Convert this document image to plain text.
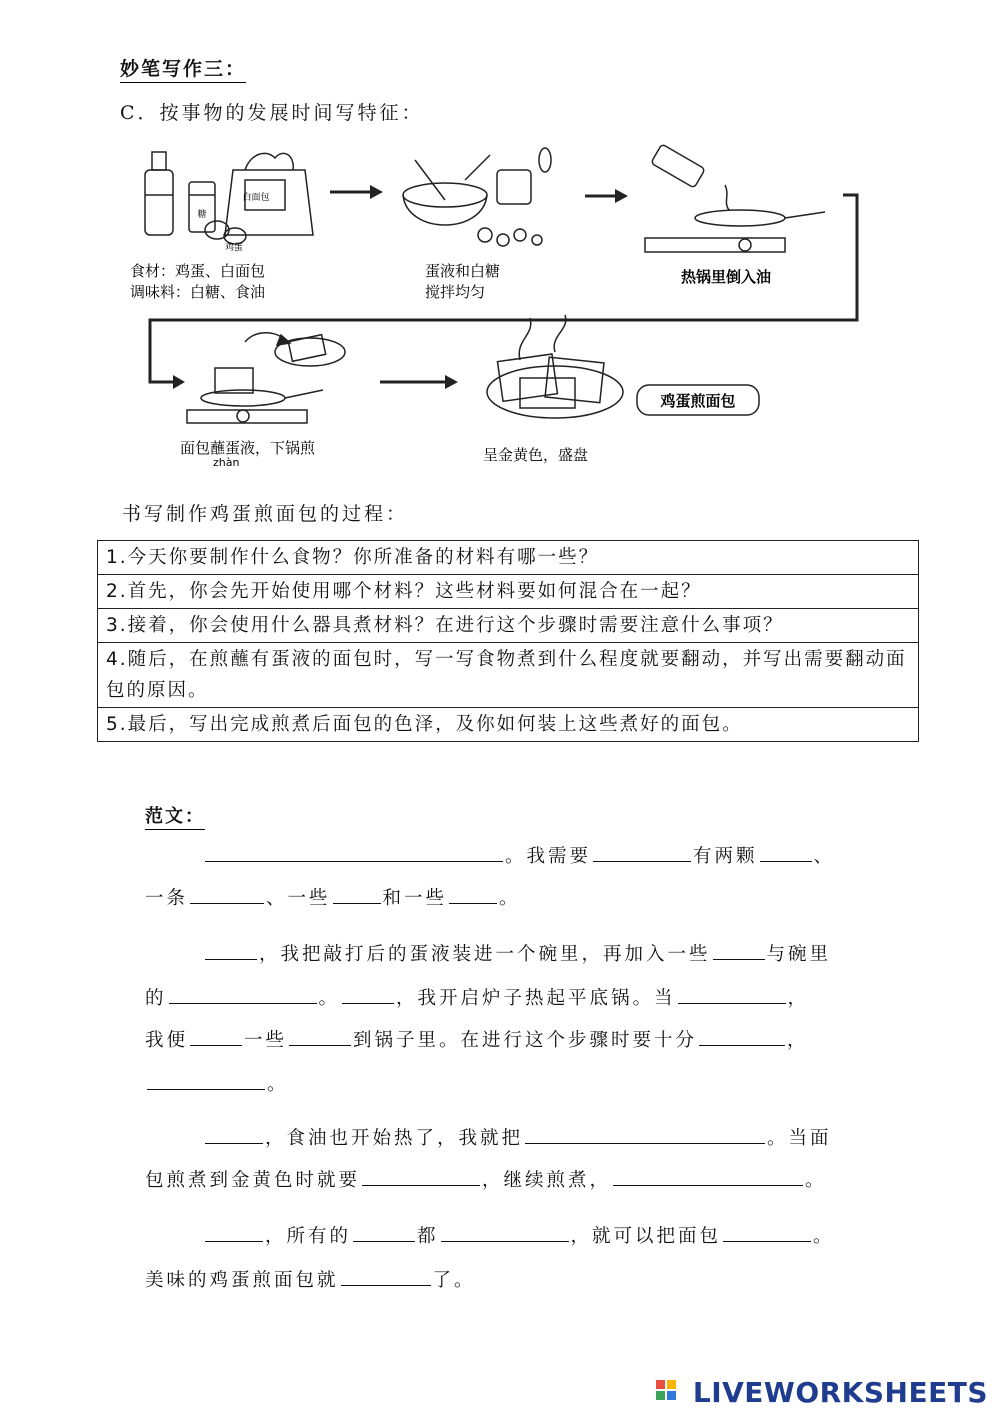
妙笔写作三：
C．按事物的发展时间写特征：
白面包
糖
鸡蛋
食材：鸡蛋、白面包
调味料：白糖、食油
蛋液和白糖
搅拌均匀
热锅里倒入油
面包蘸蛋液，下锅煎
zhàn
鸡蛋煎面包
呈金黄色，盛盘
书写制作鸡蛋煎面包的过程：
1.今天你要制作什么食物？你所准备的材料有哪一些？
2.首先，你会先开始使用哪个材料？这些材料要如何混合在一起？
3.接着，你会使用什么器具煮材料？在进行这个步骤时需要注意什么事项？
4.随后，在煎蘸有蛋液的面包时，写一写食物煮到什么程度就要翻动，并写出需要翻动面包的原因。
5.最后，写出完成煎煮后面包的色泽，及你如何装上这些煮好的面包。
范文：
。我需要	有两颗	、
一条	、一些	和一些	。
，我把敲打后的蛋液装进一个碗里，再加入一些	与碗里
的	。	，我开启炉子热起平底锅。当	，
我便	一些	到锅子里。在进行这个步骤时要十分	，
。
，食油也开始热了，我就把	。当面
包煎煮到金黄色时就要	，继续煎煮，	。
，所有的	都	，就可以把面包	。
美味的鸡蛋煎面包就	了。
LIVEWORKSHEETS
